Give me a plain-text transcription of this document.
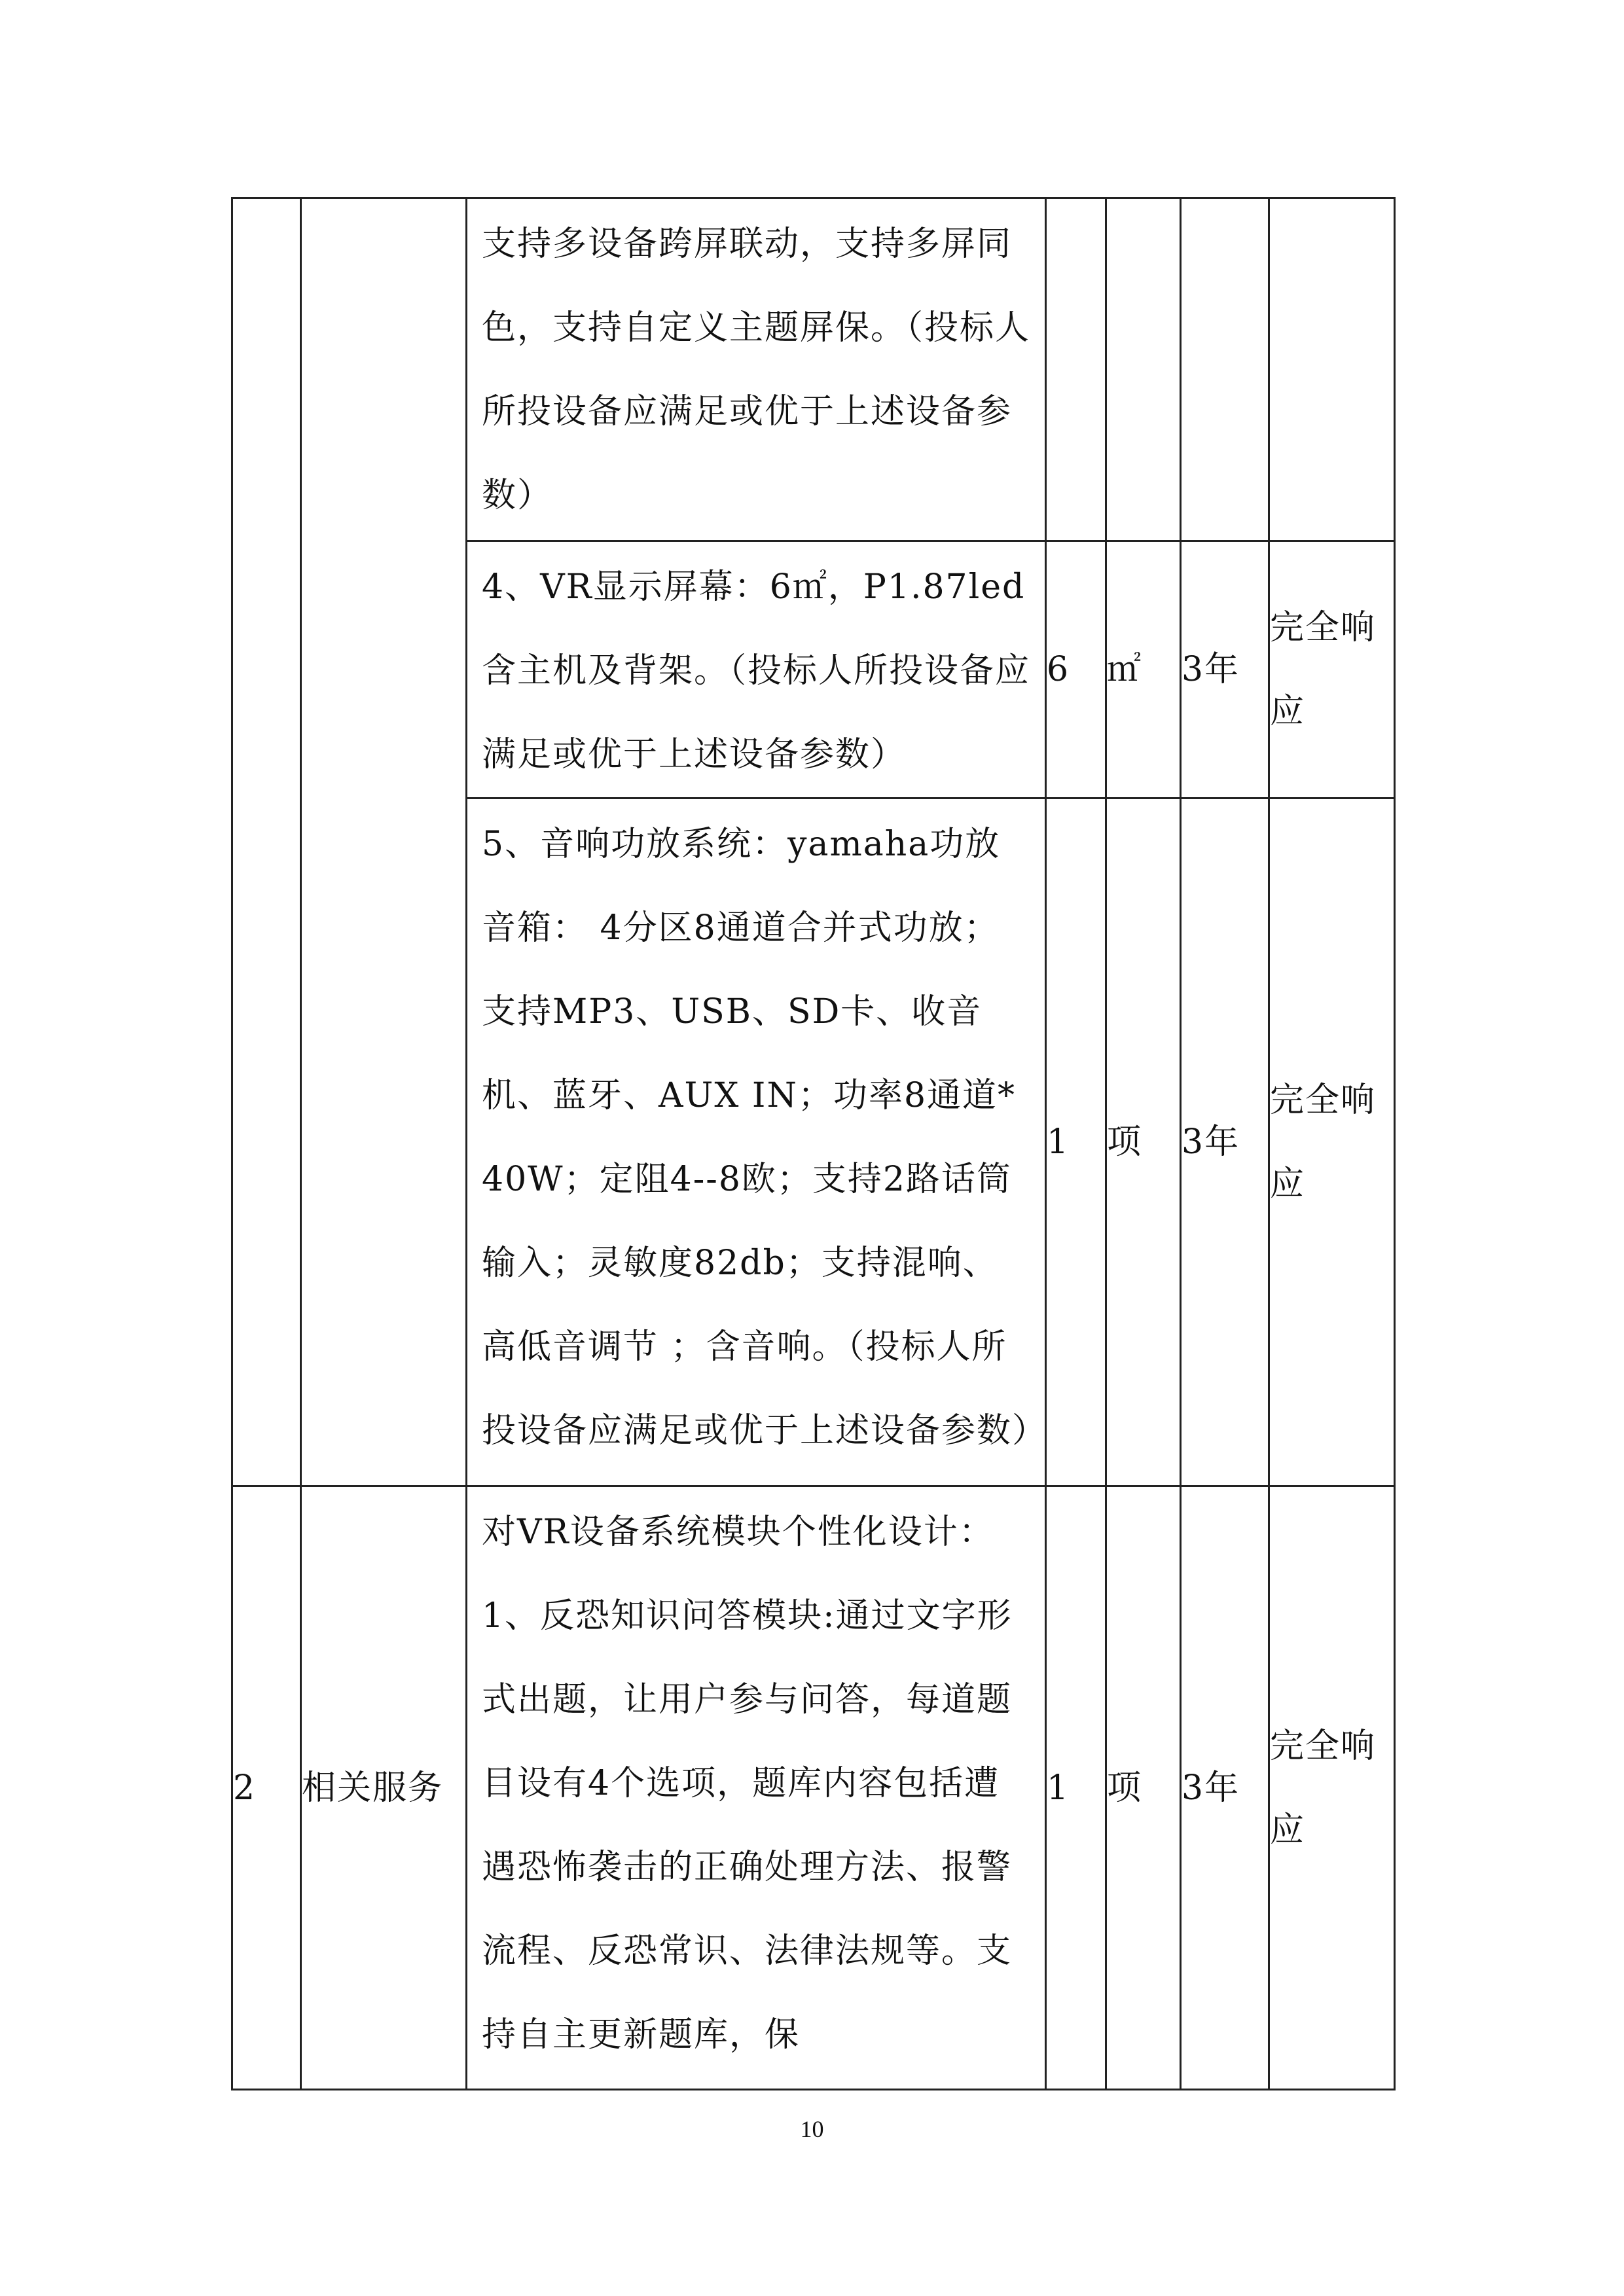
		支持多设备跨屏联动，支持多屏同色，支持自定义主题屏保。（投标人所投设备应满足或优于上述设备参数）				

		4、VR显示屏幕：6㎡，P1.87led含主机及背架。（投标人所投设备应满足或优于上述设备参数）	6	㎡	3年	完全响应

		5、音响功放系统：yamaha功放音箱： 4分区8通道合并式功放；支持MP3、USB、SD卡、收音机、蓝牙、AUX IN；功率8通道*40W；定阻4--8欧；支持2路话筒输入；灵敏度82db；支持混响、高低音调节 ；含音响。（投标人所投设备应满足或优于上述设备参数）	1	项	3年	完全响应

2	相关服务	对VR设备系统模块个性化设计：1、反恐知识问答模块:通过文字形式出题，让用户参与问答，每道题目设有4个选项，题库内容包括遭遇恐怖袭击的正确处理方法、报警流程、反恐常识、法律法规等。支持自主更新题库，保	1	项	3年	完全响应
10
